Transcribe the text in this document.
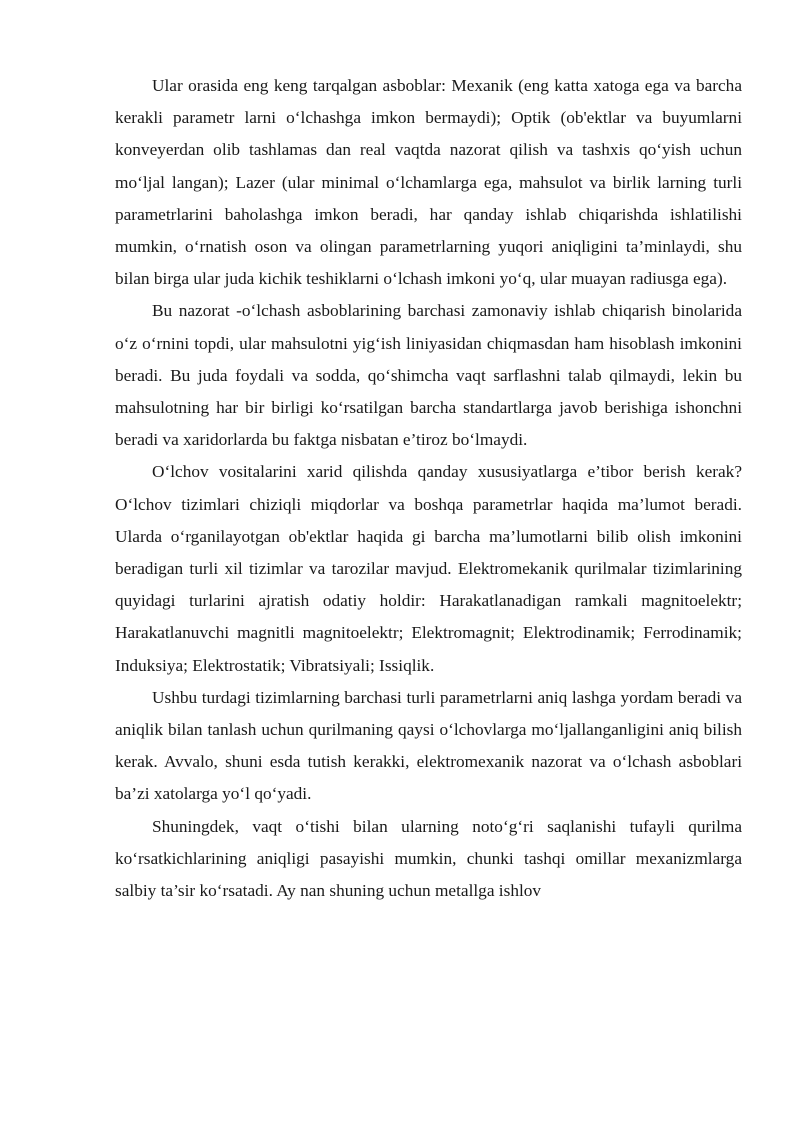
Ular orasida eng keng tarqalgan asboblar: Mexanik (eng katta xatoga ega va barcha kerakli parametr larni o‘lchashga imkon bermaydi); Optik (ob'ektlar va buyumlarni konveyerdan olib tashlamas dan real vaqtda nazorat qilish va tashxis qo‘yish uchun mo‘ljal langan); Lazer (ular minimal o‘lchamlarga ega, mahsulot va birlik larning turli parametrlarini baholashga imkon beradi, har qanday ishlab chiqarishda ishlatilishi mumkin, o‘rnatish oson va olingan parametrlarning yuqori aniqligini ta’minlaydi, shu bilan birga ular juda kichik teshiklarni o‘lchash imkoni yo‘q, ular muayan radiusga ega).

Bu nazorat -o‘lchash asboblarining barchasi zamonaviy ishlab chiqarish binolarida o‘z o‘rnini topdi, ular mahsulotni yig‘ish liniyasidan chiqmasdan ham hisoblash imkonini beradi. Bu juda foydali va sodda, qo‘shimcha vaqt sarflashni talab qilmaydi, lekin bu mahsulotning har bir birligi ko‘rsatilgan barcha standartlarga javob berishiga ishonchni beradi va xaridorlarda bu faktga nisbatan e’tiroz bo‘lmaydi.

O‘lchov vositalarini xarid qilishda qanday xususiyatlarga e’tibor berish kerak? O‘lchov tizimlari chiziqli miqdorlar va boshqa parametrlar haqida ma’lumot beradi. Ularda o‘rganilayotgan ob'ektlar haqida gi barcha ma’lumotlarni bilib olish imkonini beradigan turli xil tizimlar va tarozilar mavjud. Elektromekanik qurilmalar tizimlarining quyidagi turlarini ajratish odatiy holdir: Harakatlanadigan ramkali magnitoelektr; Harakatlanuvchi magnitli magnitoelektr; Elektromagnit; Elektrodinamik; Ferrodinamik; Induksiya; Elektrostatik; Vibratsiyali; Issiqlik.

Ushbu turdagi tizimlarning barchasi turli parametrlarni aniq lashga yordam beradi va aniqlik bilan tanlash uchun qurilmaning qaysi o‘lchovlarga mo‘ljallanganligini aniq bilish kerak. Avvalo, shuni esda tutish kerakki, elektromexanik nazorat va o‘lchash asboblari ba’zi xatolarga yo‘l qo‘yadi.

Shuningdek, vaqt o‘tishi bilan ularning noto‘g‘ri saqlanishi tufayli qurilma ko‘rsatkichlarining aniqligi pasayishi mumkin, chunki tashqi omillar mexanizmlarga salbiy ta’sir ko‘rsatadi. Ay nan shuning uchun metallga ishlov
